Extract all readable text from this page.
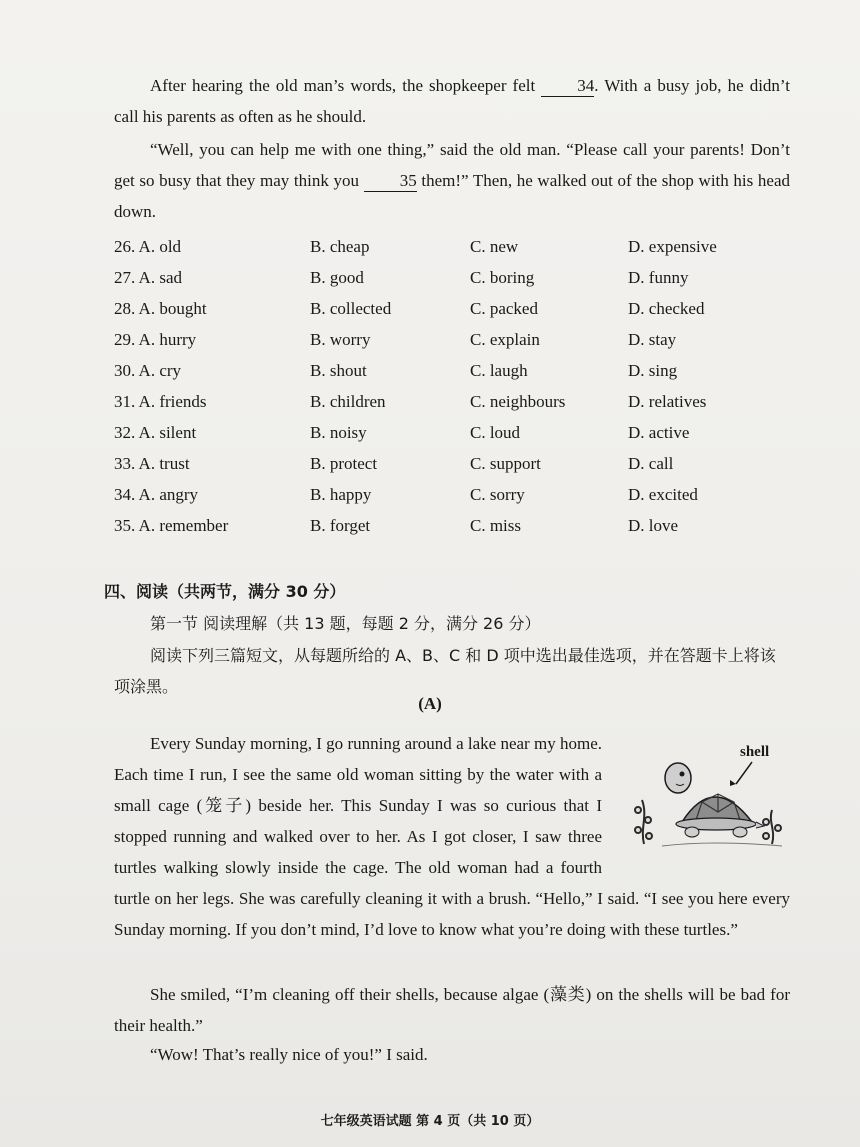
After hearing the old man’s words, the shopkeeper felt 34. With a busy job, he didn’t call his parents as often as he should.
“Well, you can help me with one thing,” said the old man. “Please call your parents! Don’t get so busy that they may think you 35 them!” Then, he walked out of the shop with his head down.
26. A. old	B. cheap	C. new	D. expensive
27. A. sad	B. good	C. boring	D. funny
28. A. bought	B. collected	C. packed	D. checked
29. A. hurry	B. worry	C. explain	D. stay
30. A. cry	B. shout	C. laugh	D. sing
31. A. friends	B. children	C. neighbours	D. relatives
32. A. silent	B. noisy	C. loud	D. active
33. A. trust	B. protect	C. support	D. call
34. A. angry	B. happy	C. sorry	D. excited
35. A. remember	B. forget	C. miss	D. love
四、阅读（共两节，满分 30 分）
第一节 阅读理解（共 13 题，每题 2 分，满分 26 分）
阅读下列三篇短文，从每题所给的 A、B、C 和 D 项中选出最佳选项，并在答题卡上将该项涂黑。
(A)
Every Sunday morning, I go running around a lake near my home. Each time I run, I see the same old woman sitting by the water with a small cage (笼子) beside her. This Sunday I was so curious that I stopped running and walked over to her. As I got closer, I saw three turtles walking slowly inside the cage. The old woman had a fourth turtle on her legs. She was carefully cleaning it with a brush. “Hello,” I said. “I see you here every Sunday morning. If you don’t mind, I’d love to know what you’re doing with these turtles.”
shell
She smiled, “I’m cleaning off their shells, because algae (藻类) on the shells will be bad for their health.”
“Wow! That’s really nice of you!” I said.
七年级英语试题 第 4 页（共 10 页）
